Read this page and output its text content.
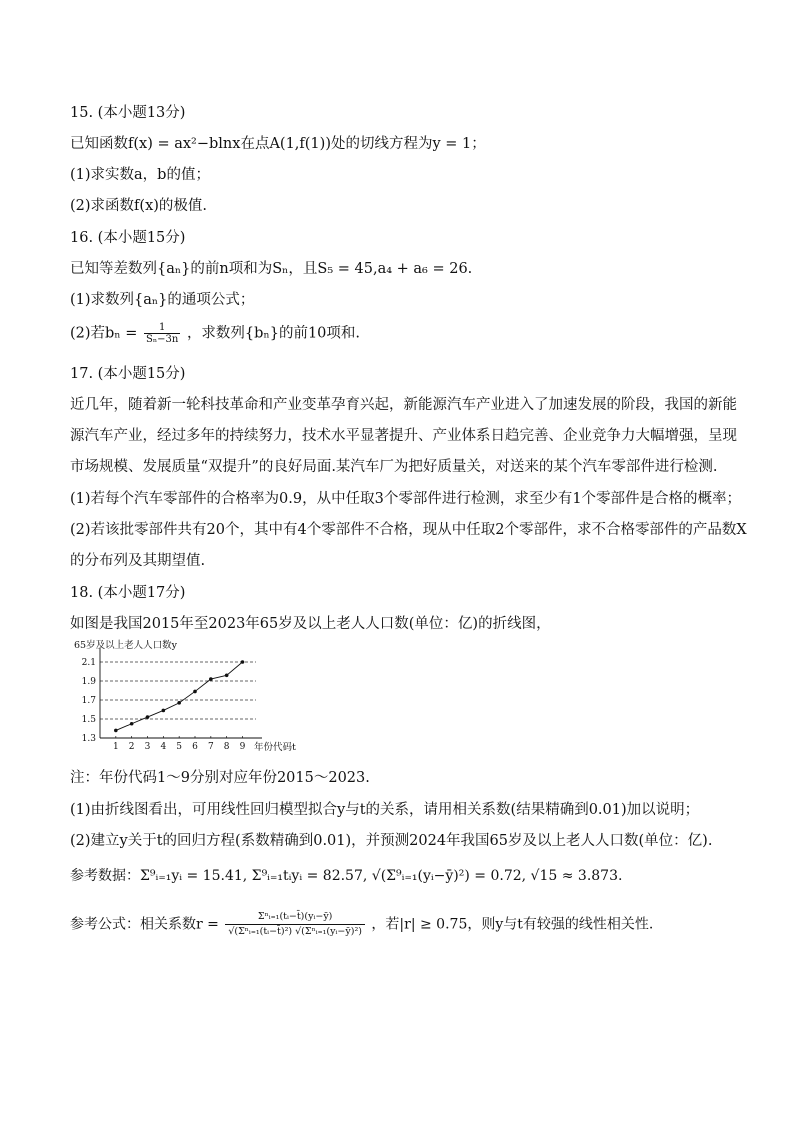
15. (本小题13分)
已知函数f(x) = ax²−blnx在点A(1,f(1))处的切线方程为y = 1；
(1)求实数a，b的值；
(2)求函数f(x)的极值.
16. (本小题15分)
已知等差数列{aₙ}的前n项和为Sₙ，且S₅ = 45,a₄ + a₆ = 26.
(1)求数列{aₙ}的通项公式；
(2)若$b_n = \frac{1}{\text{Sₙ−3n}}$ ，求数列{bₙ}的前10项和.
17. (本小题15分)
近几年，随着新一轮科技革命和产业变革孕育兴起，新能源汽车产业进入了加速发展的阶段，我国的新能
源汽车产业，经过多年的持续努力，技术水平显著提升、产业体系日趋完善、企业竞争力大幅增强，呈现
市场规模、发展质量“双提升”的良好局面.某汽车厂为把好质量关，对送来的某个汽车零部件进行检测.
(1)若每个汽车零部件的合格率为0.9，从中任取3个零部件进行检测，求至少有1个零部件是合格的概率；
(2)若该批零部件共有20个，其中有4个零部件不合格，现从中任取2个零部件，求不合格零部件的产品数X
的分布列及其期望值.
18. (本小题17分)
如图是我国2015年至2023年65岁及以上老人人口数(单位：亿)的折线图，
1.3
1.5
1.7
1.9
2.1
1 2 3 4 5 6 7 8 9
65岁及以上老人人口数y
年份代码t
注：年份代码1～9分别对应年份2015～2023.
(1)由折线图看出，可用线性回归模型拟合y与t的关系，请用相关系数(结果精确到0.01)加以说明；
(2)建立y关于t的回归方程(系数精确到0.01)，并预测2024年我国65岁及以上老人人口数(单位：亿).
参考数据：Σ⁹ᵢ₌₁yᵢ = 15.41, Σ⁹ᵢ₌₁tᵢyᵢ = 82.57, √(Σ⁹ᵢ₌₁(yᵢ−ȳ)²) = 0.72, √15 ≈ 3.873.
参考公式：相关系数r =	Σⁿᵢ₌₁(tᵢ−t̄)(yᵢ−ȳ)
√(Σⁿᵢ₌₁(tᵢ−t̄)²) √(Σⁿᵢ₌₁(yᵢ−ȳ)²) ，若|r| ≥ 0.75，则y与t有较强的线性相关性.
